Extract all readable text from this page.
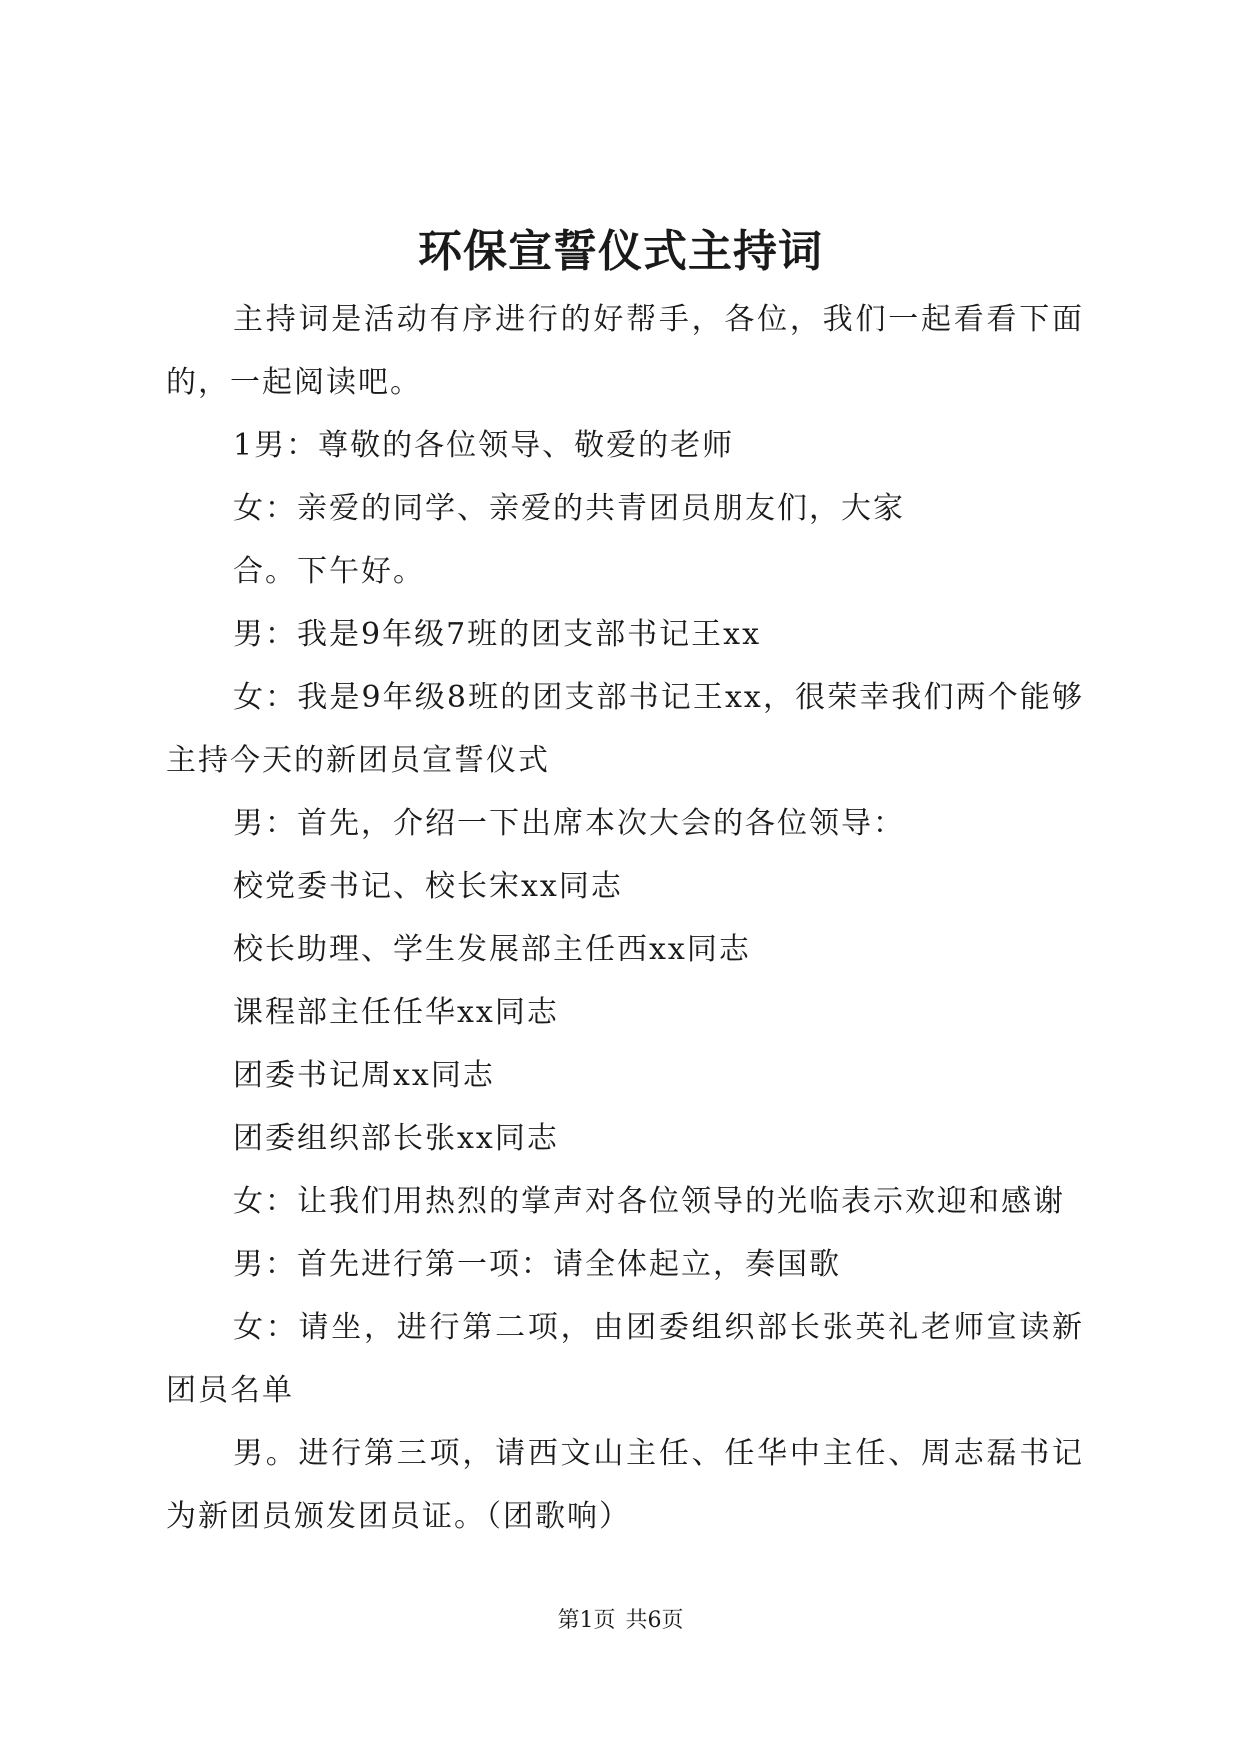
环保宣誓仪式主持词

主持词是活动有序进行的好帮手，各位，我们一起看看下面的，一起阅读吧。

1男：尊敬的各位领导、敬爱的老师

女：亲爱的同学、亲爱的共青团员朋友们，大家

合。下午好。

男：我是9年级7班的团支部书记王xx

女：我是9年级8班的团支部书记王xx，很荣幸我们两个能够主持今天的新团员宣誓仪式

男：首先，介绍一下出席本次大会的各位领导：

校党委书记、校长宋xx同志

校长助理、学生发展部主任西xx同志

课程部主任任华xx同志

团委书记周xx同志

团委组织部长张xx同志

女：让我们用热烈的掌声对各位领导的光临表示欢迎和感谢

男：首先进行第一项：请全体起立，奏国歌

女：请坐，进行第二项，由团委组织部长张英礼老师宣读新团员名单

男。进行第三项，请西文山主任、任华中主任、周志磊书记为新团员颁发团员证。（团歌响）

第1页 共6页
